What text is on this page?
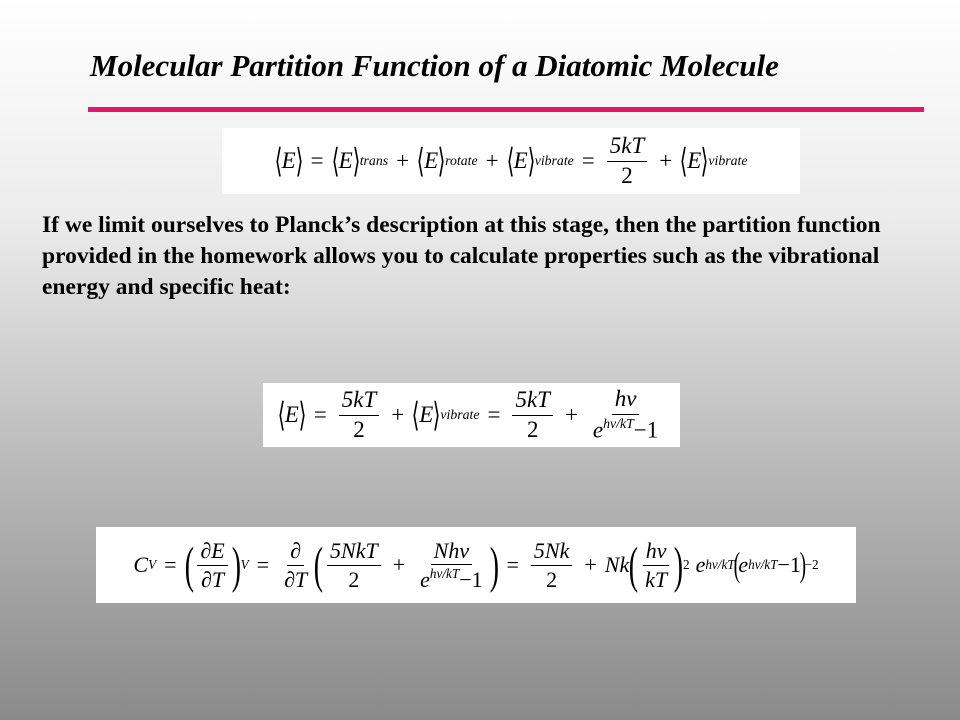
Molecular Partition Function of a Diatomic Molecule
⟨ E ⟩ = ⟨ E ⟩ trans + ⟨ E ⟩ rotate + ⟨ E ⟩ vibrate = $\frac{5kT}{2}$ + ⟨ E ⟩ vibrate
If we limit ourselves to Planck’s description at this stage, then the partition function provided in the homework allows you to calculate properties such as the vibrational energy and specific heat:
⟨ E ⟩ = $\frac{5kT}{2}$ + ⟨ E ⟩ vibrate = $\frac{5kT}{2} + \frac{h\nu}{e^{h\nu/kT}-1}$
C V = ( $\frac{\partial E}{\partial T}$ ) $V = \frac{\partial}{\partial T}$ ( $\frac{\text{5NkT}}{2} + \frac{\text{Nhν}}{e^{h\nu/kT}-1}$ ) = $\frac{5Nk}{2} + Nk$ ( $\frac{h\nu}{kT}$ ) 2 e hν/kT
(
e hν/kT −1
)
−2
